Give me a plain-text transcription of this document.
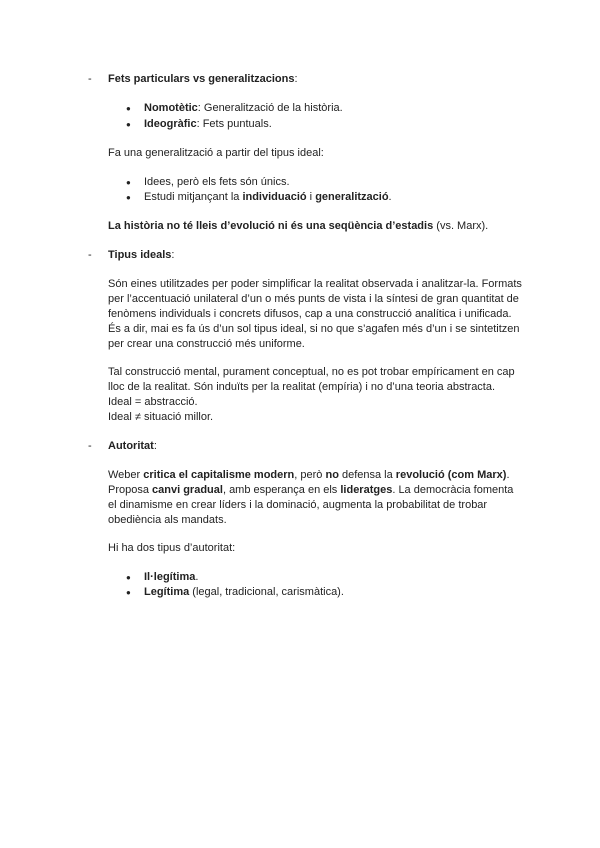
- Fets particulars vs generalitzacions:
● Nomotètic: Generalització de la història.
● Ideogràfic: Fets puntuals.
Fa una generalització a partir del tipus ideal:
● Idees, però els fets són únics.
● Estudi mitjançant la individuació i generalització.
La història no té lleis d’evolució ni és una seqüència d’estadis (vs. Marx).
- Tipus ideals:
Són eines utilitzades per poder simplificar la realitat observada i analitzar-la. Formats
per l’accentuació unilateral d’un o més punts de vista i la síntesi de gran quantitat de
fenòmens individuals i concrets difusos, cap a una construcció analítica i unificada.
És a dir, mai es fa ús d’un sol tipus ideal, si no que s’agafen més d’un i se sintetitzen
per crear una construcció més uniforme.
Tal construcció mental, purament conceptual, no es pot trobar empíricament en cap
lloc de la realitat. Són induïts per la realitat (empíria) i no d’una teoria abstracta.
Ideal = abstracció.
Ideal ≠ situació millor.
- Autoritat:
Weber critica el capitalisme modern, però no defensa la revolució (com Marx).
Proposa canvi gradual, amb esperança en els lideratges. La democràcia fomenta
el dinamisme en crear líders i la dominació, augmenta la probabilitat de trobar
obediència als mandats.
Hi ha dos tipus d’autoritat:
● Il·legítima.
● Legítima (legal, tradicional, carismàtica).
